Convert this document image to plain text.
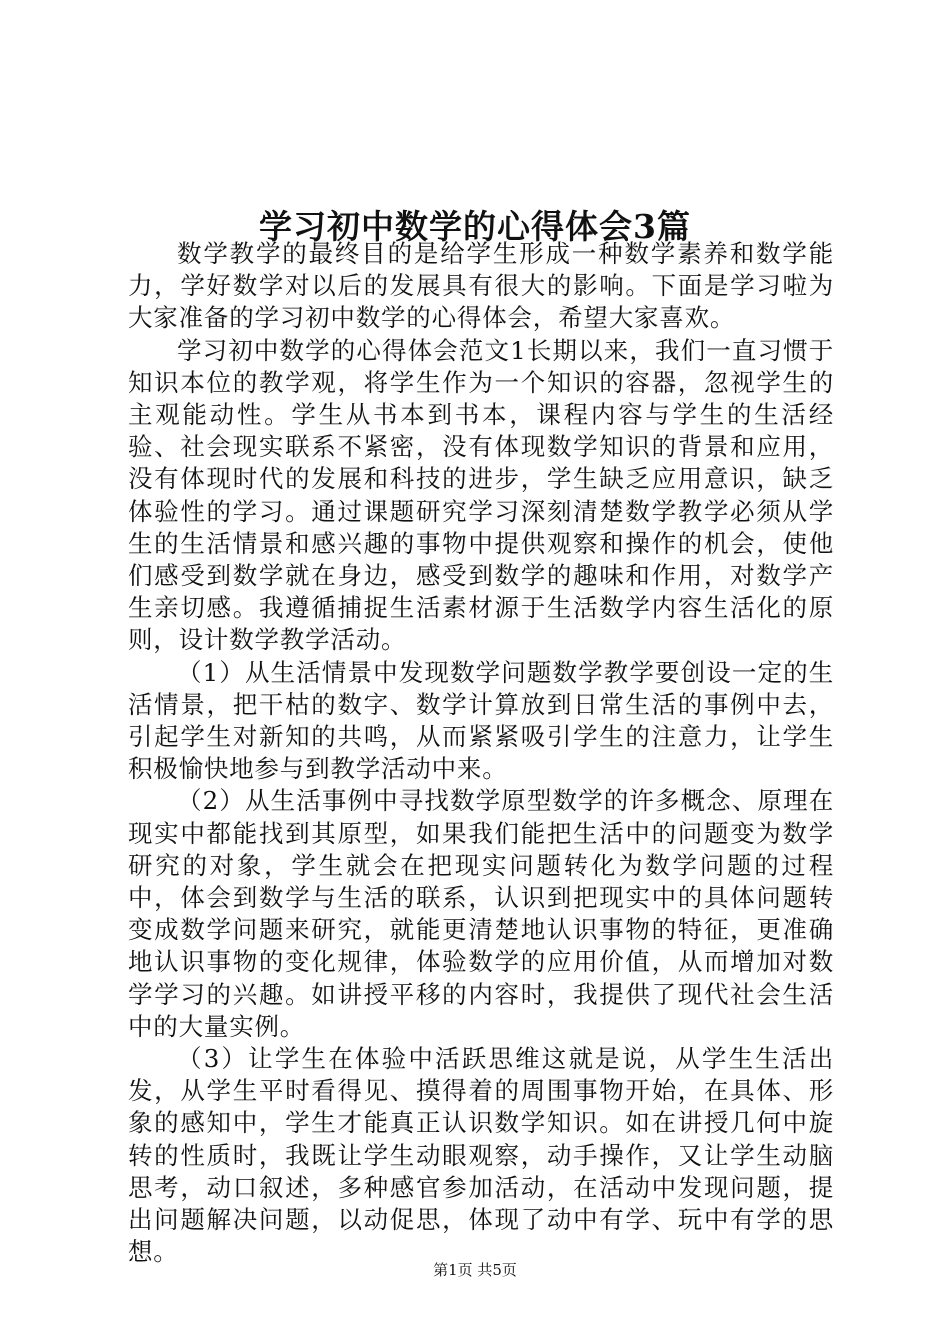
学习初中数学的心得体会3篇

数学教学的最终目的是给学生形成一种数学素养和数学能力，学好数学对以后的发展具有很大的影响。下面是学习啦为大家准备的学习初中数学的心得体会，希望大家喜欢。

学习初中数学的心得体会范文1长期以来，我们一直习惯于知识本位的教学观，将学生作为一个知识的容器，忽视学生的主观能动性。学生从书本到书本，课程内容与学生的生活经验、社会现实联系不紧密，没有体现数学知识的背景和应用，没有体现时代的发展和科技的进步，学生缺乏应用意识，缺乏体验性的学习。通过课题研究学习深刻清楚数学教学必须从学生的生活情景和感兴趣的事物中提供观察和操作的机会，使他们感受到数学就在身边，感受到数学的趣味和作用，对数学产生亲切感。我遵循捕捉生活素材源于生活数学内容生活化的原则，设计数学教学活动。

（1）从生活情景中发现数学问题数学教学要创设一定的生活情景，把干枯的数字、数学计算放到日常生活的事例中去，引起学生对新知的共鸣，从而紧紧吸引学生的注意力，让学生积极愉快地参与到教学活动中来。

（2）从生活事例中寻找数学原型数学的许多概念、原理在现实中都能找到其原型，如果我们能把生活中的问题变为数学研究的对象，学生就会在把现实问题转化为数学问题的过程中，体会到数学与生活的联系，认识到把现实中的具体问题转变成数学问题来研究，就能更清楚地认识事物的特征，更准确地认识事物的变化规律，体验数学的应用价值，从而增加对数学学习的兴趣。如讲授平移的内容时，我提供了现代社会生活中的大量实例。

（3）让学生在体验中活跃思维这就是说，从学生生活出发，从学生平时看得见、摸得着的周围事物开始，在具体、形象的感知中，学生才能真正认识数学知识。如在讲授几何中旋转的性质时，我既让学生动眼观察，动手操作，又让学生动脑思考，动口叙述，多种感官参加活动，在活动中发现问题，提出问题解决问题，以动促思，体现了动中有学、玩中有学的思想。

第1页 共5页
